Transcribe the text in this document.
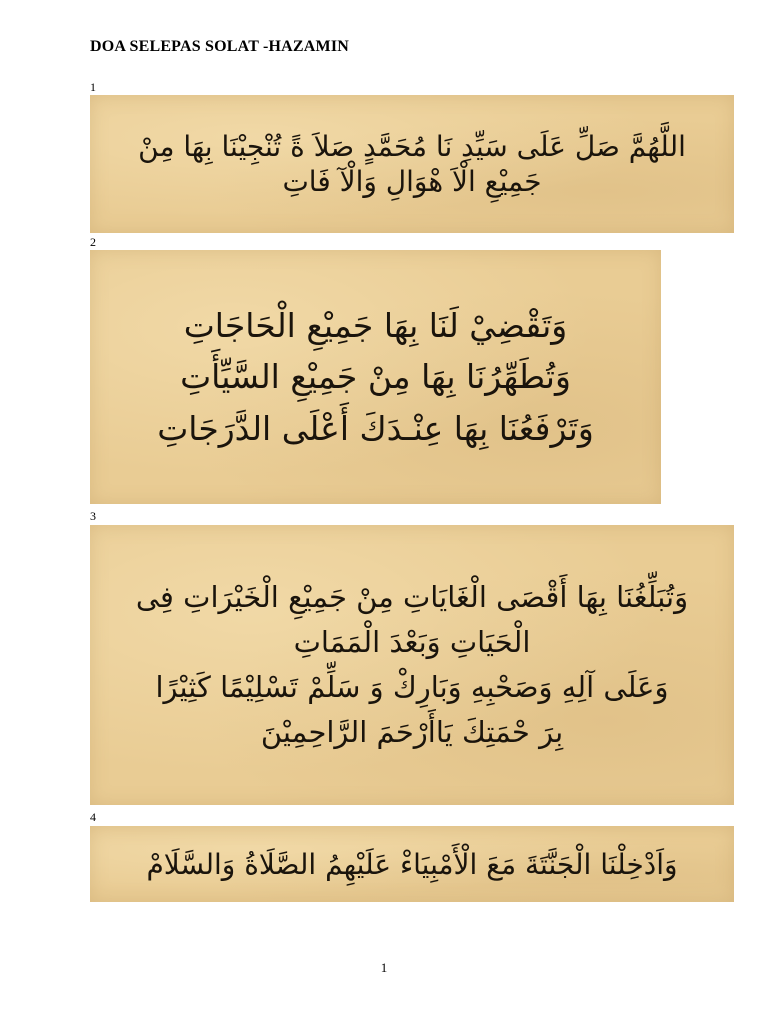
DOA SELEPAS SOLAT -HAZAMIN
1
اللَّهُمَّ صَلِّ عَلَى سَيِّدِ نَا مُحَمَّدٍ صَلاَ ةً تُنْجِيْنَا بِهَا مِنْ
جَمِيْعِ الْاَ هْوَالِ وَالْآ فَاتِ
2
وَتَقْضِيْ لَنَا بِهَا جَمِيْعِ الْحَاجَاتِ
وَتُطَهِّرُنَا بِهَا مِنْ جَمِيْعِ السَّيِّأَتِ
وَتَرْفَعُنَا بِهَا عِنْـدَكَ أَعْلَى الدَّرَجَاتِ
3
وَتُبَلِّغُنَا بِهَا أَقْصَى الْغَايَاتِ مِنْ جَمِيْعِ الْخَيْرَاتِ فِى
الْحَيَاتِ وَبَعْدَ الْمَمَاتِ
وَعَلَى آلِهِ وَصَحْبِهِ وَبَارِكْ وَ سَلِّمْ تَسْلِيْمًا كَثِيْرًا
بِرَ حْمَتِكَ يَاأَرْحَمَ الرَّاحِمِيْنَ
4
وَاَدْخِلْنَا الْجَنَّتَةَ مَعَ الْأَمْبِيَاءْ عَلَيْهِمُ الصَّلَاةُ وَالسَّلَامْ
1
